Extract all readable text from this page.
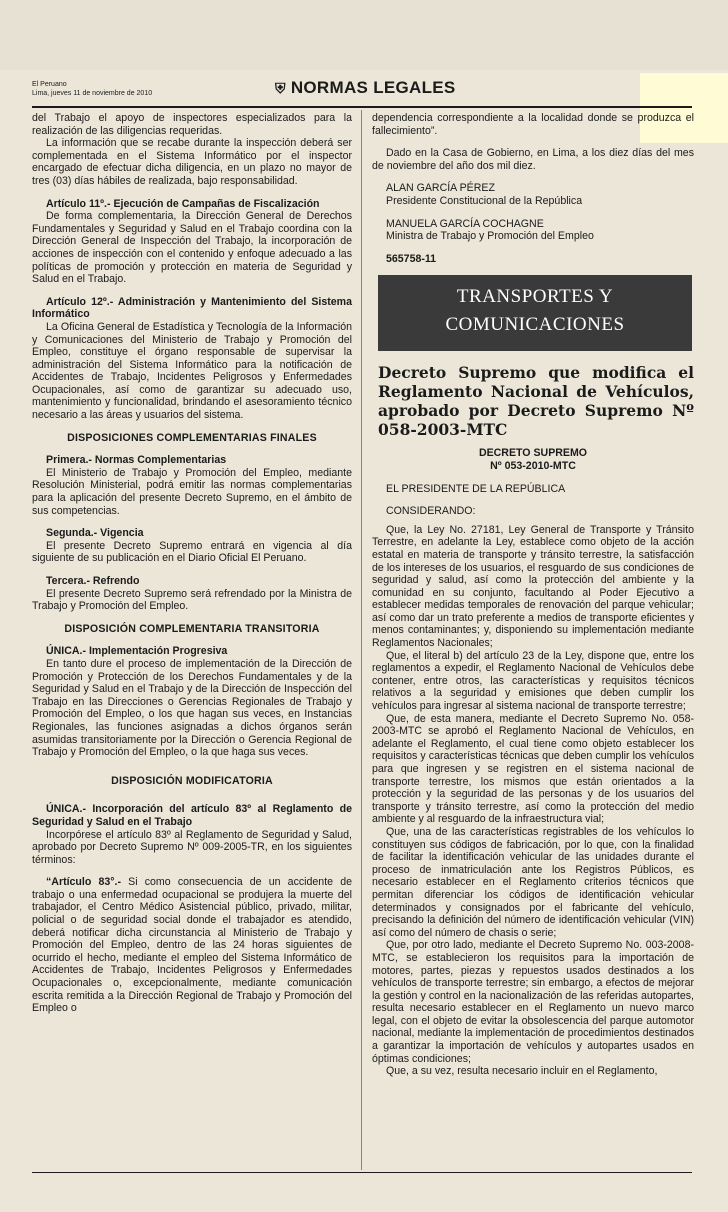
El Peruano
Lima, jueves 11 de noviembre de 2010	⛨ NORMAS LEGALES

del Trabajo el apoyo de inspectores especializados para la realización de las diligencias requeridas.

La información que se recabe durante la inspección deberá ser complementada en el Sistema Informático por el inspector encargado de efectuar dicha diligencia, en un plazo no mayor de tres (03) días hábiles de realizada, bajo responsabilidad.

Artículo 11º.- Ejecución de Campañas de Fiscalización

De forma complementaria, la Dirección General de Derechos Fundamentales y Seguridad y Salud en el Trabajo coordina con la Dirección General de Inspección del Trabajo, la incorporación de acciones de inspección con el contenido y enfoque adecuado a las políticas de promoción y protección en materia de Seguridad y Salud en el Trabajo.

Artículo 12º.- Administración y Mantenimiento del Sistema Informático

La Oficina General de Estadística y Tecnología de la Información y Comunicaciones del Ministerio de Trabajo y Promoción del Empleo, constituye el órgano responsable de supervisar la administración del Sistema Informático para la notificación de Accidentes de Trabajo, Incidentes Peligrosos y Enfermedades Ocupacionales, así como de garantizar su adecuado uso, mantenimiento y funcionalidad, brindando el asesoramiento técnico necesario a las áreas y usuarios del sistema.

DISPOSICIONES COMPLEMENTARIAS FINALES

Primera.- Normas Complementarias

El Ministerio de Trabajo y Promoción del Empleo, mediante Resolución Ministerial, podrá emitir las normas complementarias para la aplicación del presente Decreto Supremo, en el ámbito de sus competencias.

Segunda.- Vigencia

El presente Decreto Supremo entrará en vigencia al día siguiente de su publicación en el Diario Oficial El Peruano.

Tercera.- Refrendo

El presente Decreto Supremo será refrendado por la Ministra de Trabajo y Promoción del Empleo.

DISPOSICIÓN COMPLEMENTARIA TRANSITORIA

ÚNICA.- Implementación Progresiva

En tanto dure el proceso de implementación de la Dirección de Promoción y Protección de los Derechos Fundamentales y de la Seguridad y Salud en el Trabajo y de la Dirección de Inspección del Trabajo en las Direcciones o Gerencias Regionales de Trabajo y Promoción del Empleo, o los que hagan sus veces, en Instancias Regionales, las funciones asignadas a dichos órganos serán asumidas transitoriamente por la Dirección o Gerencia Regional de Trabajo y Promoción del Empleo, o la que haga sus veces.

DISPOSICIÓN MODIFICATORIA

ÚNICA.- Incorporación del artículo 83º al Reglamento de Seguridad y Salud en el Trabajo

Incorpórese el artículo 83º al Reglamento de Seguridad y Salud, aprobado por Decreto Supremo Nº 009-2005-TR, en los siguientes términos:

“Artículo 83°.- Si como consecuencia de un accidente de trabajo o una enfermedad ocupacional se produjera la muerte del trabajador, el Centro Médico Asistencial público, privado, militar, policial o de seguridad social donde el trabajador es atendido, deberá notificar dicha circunstancia al Ministerio de Trabajo y Promoción del Empleo, dentro de las 24 horas siguientes de ocurrido el hecho, mediante el empleo del Sistema Informático de Accidentes de Trabajo, Incidentes Peligrosos y Enfermedades Ocupacionales o, excepcionalmente, mediante comunicación escrita remitida a la Dirección Regional de Trabajo y Promoción del Empleo o

dependencia correspondiente a la localidad donde se produzca el fallecimiento”.

Dado en la Casa de Gobierno, en Lima, a los diez días del mes de noviembre del año dos mil diez.

ALAN GARCÍA PÉREZ

Presidente Constitucional de la República

MANUELA GARCÍA COCHAGNE

Ministra de Trabajo y Promoción del Empleo

565758-11

TRANSPORTES Y
COMUNICACIONES
Decreto Supremo que modifica el Reglamento Nacional de Vehículos, aprobado por Decreto Supremo Nº 058-2003-MTC
DECRETO SUPREMO
Nº 053-2010-MTC

EL PRESIDENTE DE LA REPÚBLICA

CONSIDERANDO:

Que, la Ley No. 27181, Ley General de Transporte y Tránsito Terrestre, en adelante la Ley, establece como objeto de la acción estatal en materia de transporte y tránsito terrestre, la satisfacción de los intereses de los usuarios, el resguardo de sus condiciones de seguridad y salud, así como la protección del ambiente y la comunidad en su conjunto, facultando al Poder Ejecutivo a establecer medidas temporales de renovación del parque vehicular; así como dar un trato preferente a medios de transporte eficientes y menos contaminantes; y, disponiendo su implementación mediante Reglamentos Nacionales;

Que, el literal b) del artículo 23 de la Ley, dispone que, entre los reglamentos a expedir, el Reglamento Nacional de Vehículos debe contener, entre otros, las características y requisitos técnicos relativos a la seguridad y emisiones que deben cumplir los vehículos para ingresar al sistema nacional de transporte terrestre;

Que, de esta manera, mediante el Decreto Supremo No. 058-2003-MTC se aprobó el Reglamento Nacional de Vehículos, en adelante el Reglamento, el cual tiene como objeto establecer los requisitos y características técnicas que deben cumplir los vehículos para que ingresen y se registren en el sistema nacional de transporte terrestre, los mismos que están orientados a la protección y la seguridad de las personas y de los usuarios del transporte y tránsito terrestre, así como la protección del medio ambiente y al resguardo de la infraestructura vial;

Que, una de las características registrables de los vehículos lo constituyen sus códigos de fabricación, por lo que, con la finalidad de facilitar la identificación vehicular de las unidades durante el proceso de inmatriculación ante los Registros Públicos, es necesario establecer en el Reglamento criterios técnicos que permitan diferenciar los códigos de identificación vehicular determinados y consignados por el fabricante del vehículo, precisando la definición del número de identificación vehicular (VIN) así como del número de chasis o serie;

Que, por otro lado, mediante el Decreto Supremo No. 003-2008-MTC, se establecieron los requisitos para la importación de motores, partes, piezas y repuestos usados destinados a los vehículos de transporte terrestre; sin embargo, a efectos de mejorar la gestión y control en la nacionalización de las referidas autopartes, resulta necesario establecer en el Reglamento un nuevo marco legal, con el objeto de evitar la obsolescencia del parque automotor nacional, mediante la implementación de procedimientos destinados a garantizar la importación de vehículos y autopartes usados en óptimas condiciones;

Que, a su vez, resulta necesario incluir en el Reglamento,
